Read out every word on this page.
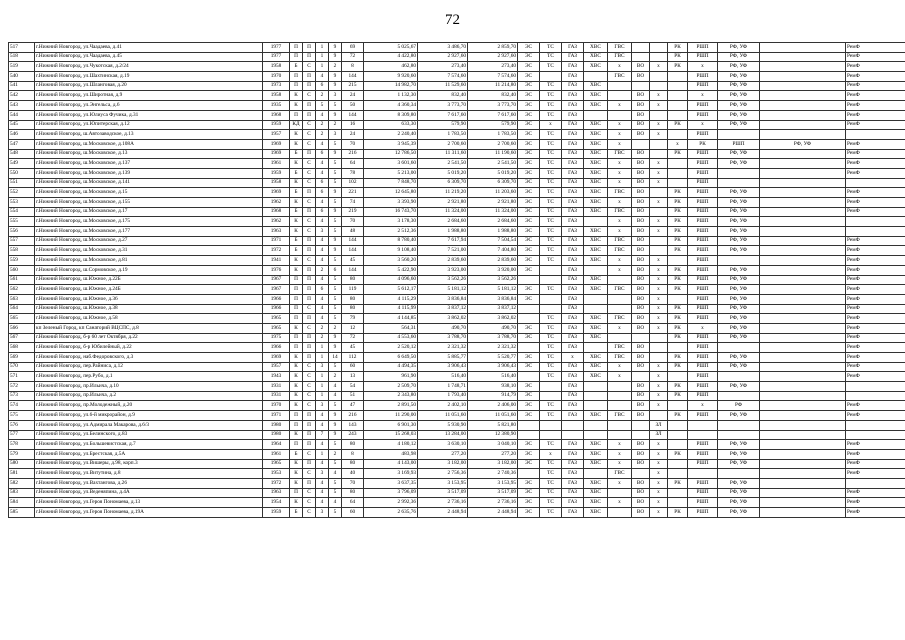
72
517	г.Нижний Новгород, ул.Чаадаева, д.41	1977	П	П	1	9	69	5 025,67	3 486,70	2 859,70	ЭС	ТС	ГАЗ	ХВС	ГВС			РК	РШП	РФ, УФ		РемФ
518	г.Нижний Новгород, ул.Чаадаева, д.45	1977	П	П	1	9	72	4 422,80	2 927,60	2 927,60	ЭС	ТС	ГАЗ	ХВС	ГВС			РК	РШП	РФ, УФ		РемФ
519	г.Нижний Новгород, ул.Чукотская, д.2/24	1958	Б	С	1	2	8	462,80	273,40	273,40	ЭС	ТС	ГАЗ	ХВС	х	ВО	х	РК	х	РФ, УФ		РемФ
540	г.Нижний Новгород, ул.Шахтинская, д.19	1970	П	П	4	9	144	9 920,60	7 574,60	7 574,60	ЭС		ГАЗ		ГВС	ВО			РШП	РФ, УФ		РемФ
541	г.Нижний Новгород, ул.Шланговая, д.20	1973	П	П	6	9	215	14 982,70	11 529,60	11 214,80	ЭС	ТС	ГАЗ	ХВС					РШП	РФ, УФ		РемФ
542	г.Нижний Новгород, ул.Широтная, д.9	1958	К	С	2	3	24	1 132,30	832,40	832,40	ЭС	ТС	ГАЗ	ХВС		ВО	х		х	РФ, УФ		РемФ
543	г.Нижний Новгород, ул.Энгельса, д.6	1935	К	П	5	5	50	4 360,34	3 773,70	3 773,70	ЭС	ТС	ГАЗ	ХВС	х	ВО	х		РШП	РФ, УФ		РемФ
544	г.Нижний Новгород, ул.Юлиуса Фучика, д.31	1968	П	П	4	9	144	8 309,80	7 617,60	7 617,60	ЭС	ТС	ГАЗ			ВО			РШП	РФ, УФ		РемФ
545	г.Нижний Новгород, ул.Юпитерская, д.12	1959	КД	С	2	2	16	633,30	579,90	579,90	ЭС	х	ГАЗ	ХВС	х	ВО	х	РК	х	РФ, УФ		РемФ
546	г.Нижний Новгород, ш.Автозаводское, д.13	1957	К	С	2	3	24	2 240,40	1 783,50	1 783,50	ЭС	ТС	ГАЗ	ХВС	х	ВО	х		РШП			
547	г.Нижний Новгород, ш.Московское, д.108А	1969	К	С	4	5	70	3 945,39	2 700,60	2 700,60	ЭС	ТС	ГАЗ	ХВС	х			х	РК	РШП	РФ, УФ	РемФ
548	г.Нижний Новгород, ш.Московское, д.13	1969	Б	П	6	9	216	12 786,50	11 311,60	11 190,60	ЭС	ТС	ГАЗ	ХВС	ГВС	ВО		РК	РШП	РФ, УФ		РемФ
549	г.Нижний Новгород, ш.Московское, д.137	1961	К	С	4	5	64	3 601,60	2 541,50	2 541,50	ЭС	ТС	ГАЗ	ХВС	х	ВО	х		РШП	РФ, УФ		РемФ
550	г.Нижний Новгород, ш.Московское, д.139	1959	Б	С	4	5	78	5 213,00	5 019,20	5 019,20	ЭС	ТС	ГАЗ	ХВС	х	ВО	х		РШП			РемФ
551	г.Нижний Новгород, ш.Московское, д.141	1958	К	С	6	5	102	7 848,70	6 309,70	6 309,70	ЭС	ТС	ГАЗ	ХВС	х	ВО	х		РШП			
552	г.Нижний Новгород, ш.Московское, д.15	1969	Б	П	6	9	221	12 645,80	11 219,20	11 203,60	ЭС	ТС	ГАЗ	ХВС	ГВС	ВО		РК	РШП	РФ, УФ		РемФ
553	г.Нижний Новгород, ш.Московское, д.155	1962	К	С	4	5	74	3 393,90	2 921,80	2 921,80	ЭС	ТС	ГАЗ	ХВС	х	ВО	х	РК	РШП	РФ, УФ		РемФ
554	г.Нижний Новгород, ш.Московское, д.17	1968	Б	П	6	9	219	16 743,70	11 324,00	11 324,00	ЭС	ТС	ГАЗ	ХВС	ГВС	ВО		РК	РШП	РФ, УФ		РемФ
555	г.Нижний Новгород, ш.Московское, д.175	1962	К	С	4	5	70	3 178,30	2 684,60	2 684,60	ЭС	ТС	ГАЗ		х	ВО	х	РК	РШП	РФ, УФ		
556	г.Нижний Новгород, ш.Московское, д.177	1963	К	С	3	5	48	2 512,36	1 988,80	1 988,80	ЭС	ТС	ГАЗ	ХВС	х	ВО	х	РК	РШП	РФ, УФ		
557	г.Нижний Новгород, ш.Московское, д.27	1971	Б	П	4	9	144	8 780,40	7 617,94	7 504,54	ЭС	ТС	ГАЗ	ХВС	ГВС	ВО		РК	РШП	РФ, УФ		РемФ
558	г.Нижний Новгород, ш.Московское, д.31	1972	Б	П	4	9	144	9 108,40	7 521,00	7 404,80	ЭС	ТС	ГАЗ	ХВС	ГВС	ВО		РК	РШП	РФ, УФ		РемФ
559	г.Нижний Новгород, ш.Московское, д.81	1941	К	С	4	5	45	3 560,20	2 839,60	2 839,60	ЭС	ТС	ГАЗ	ХВС	х	ВО	х		РШП			РемФ
560	г.Нижний Новгород, ш.Сормовское, д.19	1976	К	П	2	6	144	5 422,90	3 923,00	3 920,00	ЭС		ГАЗ		х	ВО	х	РК	РШП	РФ, УФ		РемФ
561	г.Нижний Новгород, ш.Южное, д.22Б	1967	П	П	4	5	80	4 096,60	3 562,26	3 562,26			ГАЗ	ХВС		ВО	х	РК	РШП	РФ, УФ		РемФ
562	г.Нижний Новгород, ш.Южное, д.24Б	1967	П	П	6	5	119	5 612,17	5 181,12	5 181,12	ЭС	ТС	ГАЗ	ХВС	ГВС	ВО	х	РК	РШП	РФ, УФ		РемФ
563	г.Нижний Новгород, ш.Южное, д.36	1966	П	П	4	5	80	4 115,29	3 836,84	3 836,84	ЭС		ГАЗ			ВО	х		РШП	РФ, УФ		РемФ
564	г.Нижний Новгород, ш.Южное, д.38	1966	П	С	4	5	80	4 115,99	3 837,12	3 837,12			ГАЗ			ВО	х	РК	РШП	РФ, УФ		РемФ
565	г.Нижний Новгород, ш.Южное, д.58	1965	П	П	4	5	79	4 144,85	3 862,02	3 862,02		ТС	ГАЗ	ХВС	ГВС	ВО	х	РК	РШП	РФ, УФ		РемФ
566	кп Зеленый Город, кп Санаторий ВЦСПС, д.8	1965	К	С	2	2	12	564,31	490,70	490,70	ЭС	ТС	ГАЗ	ХВС	х	ВО	х	РК	х	РФ, УФ		РемФ
567	г.Нижний Новгород, б-р 60 лет Октября, д.22	1975	П	П	2	9	72	4 553,60	3 788,70	3 788,70	ЭС	ТС	ГАЗ	ХВС				РК	РШП	РФ, УФ		РемФ
568	г.Нижний Новгород, б-р Юбилейный, д.22	1966	П	П	1	9	45	2 520,12	2 321,32	2 321,32		ТС	ГАЗ		ГВС	ВО			РШП			РемФ
569	г.Нижний Новгород, наб.Федоровского, д.3	1969	К	П	1	14	112	6 649,50	5 885,77	5 520,77	ЭС	ТС	х	ХВС	ГВС	ВО		РК	РШП	РФ, УФ		РемФ
570	г.Нижний Новгород, пер.Райниса, д.12	1957	К	С	3	5	60	4 494,35	3 906,43	3 906,43	ЭС	ТС	ГАЗ	ХВС	х	ВО	х	РК	РШП	РФ, УФ		РемФ
571	г.Нижний Новгород, пер.Рубо, д.1	1943	К	С	1	2	13	961,90	516,40	516,40		ТС	ГАЗ	ХВС	х		х		РШП			РемФ
572	г.Нижний Новгород, пр.Ильича, д.10	1931	К	С	1	4	54	2 509,70	1 748,71	938,10	ЭС		ГАЗ			ВО	х	РК	РШП	РФ, УФ		
573	г.Нижний Новгород, пр.Ильича, д.2	1931	К	С	1	4	51	2 343,80	1 793,40	914,79	ЭС		ГАЗ			ВО	х	РК	РШП			
574	г.Нижний Новгород, пр.Молодежный, д.20	1970	К	С	3	5	47	2 891,50	2 402,10	2 406,00	ЭС	ТС	ГАЗ			ВО	х		х	РФ		РемФ
575	г.Нижний Новгород, ул.6-й микрорайон, д.9	1971	П	П	4	9	216	11 290,00	11 051,60	11 051,60	ЭС	ТС	ГАЗ	ХВС	ГВС	ВО		РК	РШП	РФ, УФ		РемФ
576	г.Нижний Новгород, ул.Адмирала Макарова, д.6/3	1980	П	П	4	9	143	6 901,30	5 930,90	5 821,80							ЗЛ					
577	г.Нижний Новгород, ул.Белинского, д.83	1980	К	П	7	9	243	15 268,03	13 284,00	12 380,90							ЗЛ					
578	г.Нижний Новгород, ул.Большевистская, д.7	1964	П	П	4	5	80	4 180,12	3 630,10	3 040,10	ЭС	ТС	ГАЗ	ХВС	х	ВО	х		РШП	РФ, УФ		РемФ
579	г.Нижний Новгород, ул.Брестская, д.5А	1961	Б	С	1	2	8	483,98	277,20	277,20	ЭС	х	ГАЗ	ХВС	х	ВО	х	РК	РШП	РФ, УФ		РемФ
580	г.Нижний Новгород, ул.Вишеры, д.98, корп.3	1965	К	П	4	5	80	4 143,00	3 182,00	3 182,00	ЭС	ТС	ГАЗ	ХВС	х	ВО	х		РШП	РФ, УФ		РемФ
581	г.Нижний Новгород, ул.Витутина, д.8	1953	К	С	3	4	40	3 169,93	2 756,36	2 740,36		ТС	ГАЗ		ГВС		х					РемФ
582	г.Нижний Новгород, ул.Вахтангова, д.26	1972	К	П	4	5	70	3 637,35	3 153,95	3 153,95	ЭС	ТС	ГАЗ	ХВС	х	ВО	х	РК	РШП	РФ, УФ		
583	г.Нижний Новгород, ул.Веденяпина, д.4А	1963	П	С	4	5	80	3 796,09	3 517,09	3 517,09	ЭС	ТС	ГАЗ	ХВС		ВО	х		РШП	РФ, УФ		РемФ
584	г.Нижний Новгород, ул.Героя Пономаева, д.13	1954	К	С	4	4	64	2 992,36	2 736,16	2 736,16	ЭС	ТС	ГАЗ	ХВС	х	ВО	х		РШП	РФ, УФ		РемФ
585	г.Нижний Новгород, ул.Героя Пономаева, д.19А	1959	Б	С	3	5	60	2 635,76	2 448,94	2 448,94	ЭС	ТС	ГАЗ	ХВС		ВО	х	РК	РШП	РФ, УФ		РемФ
